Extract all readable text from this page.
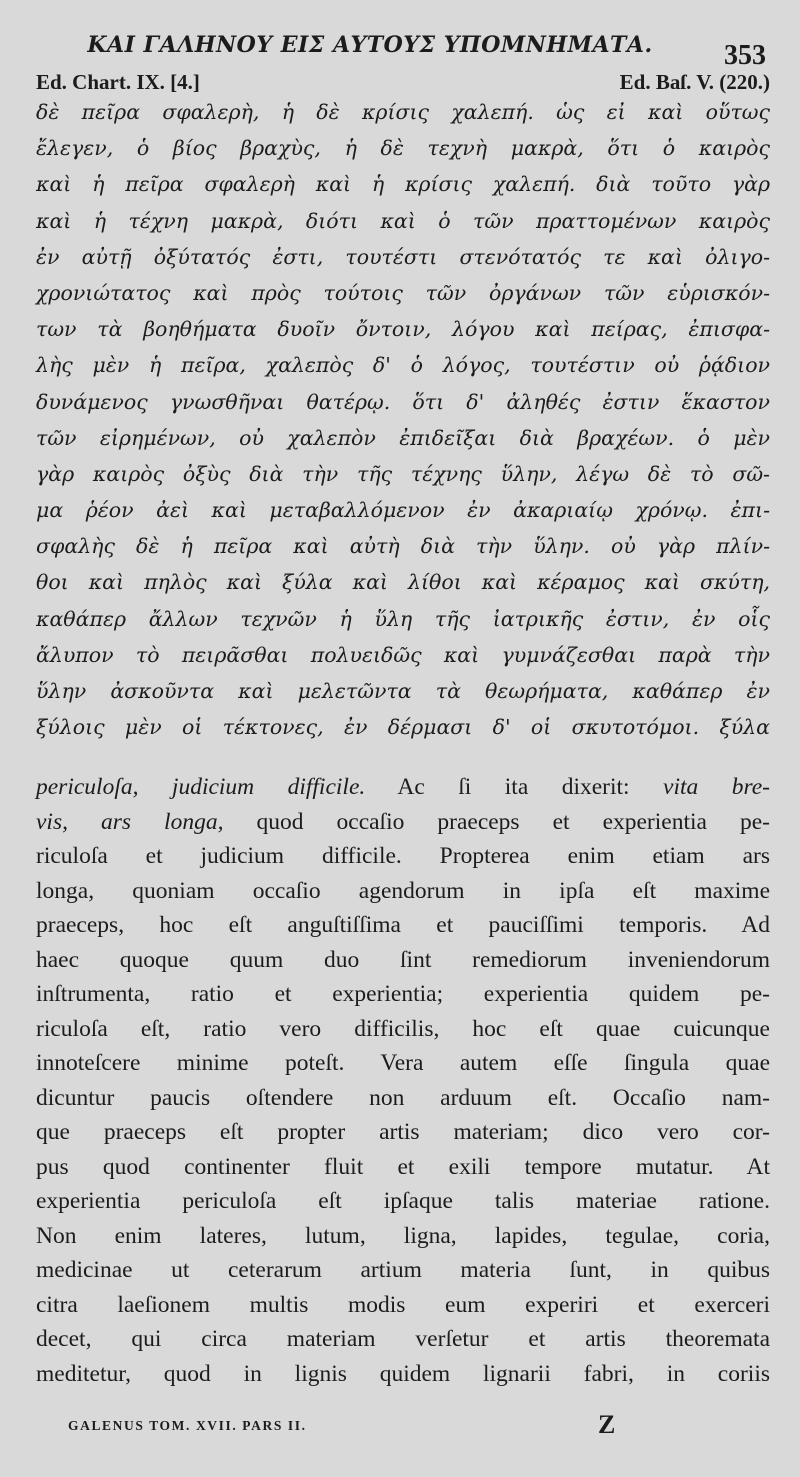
ΚΑΙ ΓΑΛΗΝΟΥ ΕΙΣ ΑΥΤΟΥΣ ΥΠΟΜΝΗΜΑΤΑ.	353
Ed. Chart. IX. [4.]	Ed. Baſ. V. (220.)
δὲ πεῖρα σφαλερὴ, ἡ δὲ κρίσις χαλεπή. ὡς εἰ καὶ οὕτως
ἔλεγεν, ὁ βίος βραχὺς, ἡ δὲ τεχνὴ μακρὰ, ὅτι ὁ καιρὸς
καὶ ἡ πεῖρα σφαλερὴ καὶ ἡ κρίσις χαλεπή. διὰ τοῦτο γὰρ
καὶ ἡ τέχνη μακρὰ, διότι καὶ ὁ τῶν πραττομένων καιρὸς
ἐν αὐτῇ ὀξύτατός ἐστι, τουτέστι στενότατός τε καὶ ὀλιγο-
χρονιώτατος καὶ πρὸς τούτοις τῶν ὀργάνων τῶν εὑρισκόν-
των τὰ βοηθήματα δυοῖν ὄντοιν, λόγου καὶ πείρας, ἐπισφα-
λὴς μὲν ἡ πεῖρα, χαλεπὸς δ' ὁ λόγος, τουτέστιν οὐ ῥᾴδιον
δυνάμενος γνωσθῆναι θατέρῳ. ὅτι δ' ἀληθές ἐστιν ἕκαστον
τῶν εἰρημένων, οὐ χαλεπὸν ἐπιδεῖξαι διὰ βραχέων. ὁ μὲν
γὰρ καιρὸς ὀξὺς διὰ τὴν τῆς τέχνης ὕλην, λέγω δὲ τὸ σῶ-
μα ῥέον ἀεὶ καὶ μεταβαλλόμενον ἐν ἀκαριαίῳ χρόνῳ. ἐπι-
σφαλὴς δὲ ἡ πεῖρα καὶ αὐτὴ διὰ τὴν ὕλην. οὐ γὰρ πλίν-
θοι καὶ πηλὸς καὶ ξύλα καὶ λίθοι καὶ κέραμος καὶ σκύτη,
καθάπερ ἄλλων τεχνῶν ἡ ὕλη τῆς ἰατρικῆς ἐστιν, ἐν οἷς
ἄλυπον τὸ πειρᾶσθαι πολυειδῶς καὶ γυμνάζεσθαι παρὰ τὴν
ὕλην ἀσκοῦντα καὶ μελετῶντα τὰ θεωρήματα, καθάπερ ἐν
ξύλοις μὲν οἱ τέκτονες, ἐν δέρμασι δ' οἱ σκυτοτόμοι. ξύλα
periculoſa, judicium difficile. Ac ſi ita dixerit: vita bre-
vis, ars longa, quod occaſio praeceps et experientia pe-
riculoſa et judicium difficile. Propterea enim etiam ars
longa, quoniam occaſio agendorum in ipſa eſt maxime
praeceps, hoc eſt anguſtiſſima et pauciſſimi temporis. Ad
haec quoque quum duo ſint remediorum inveniendorum
inſtrumenta, ratio et experientia; experientia quidem pe-
riculoſa eſt, ratio vero difficilis, hoc eſt quae cuicunque
innoteſcere minime poteſt. Vera autem eſſe ſingula quae
dicuntur paucis oſtendere non arduum eſt. Occaſio nam-
que praeceps eſt propter artis materiam; dico vero cor-
pus quod continenter fluit et exili tempore mutatur. At
experientia periculoſa eſt ipſaque talis materiae ratione.
Non enim lateres, lutum, ligna, lapides, tegulae, coria,
medicinae ut ceterarum artium materia ſunt, in quibus
citra laeſionem multis modis eum experiri et exerceri
decet, qui circa materiam verſetur et artis theoremata
meditetur, quod in lignis quidem lignarii fabri, in coriis
GALENUS TOM. XVII. PARS II.	Z
